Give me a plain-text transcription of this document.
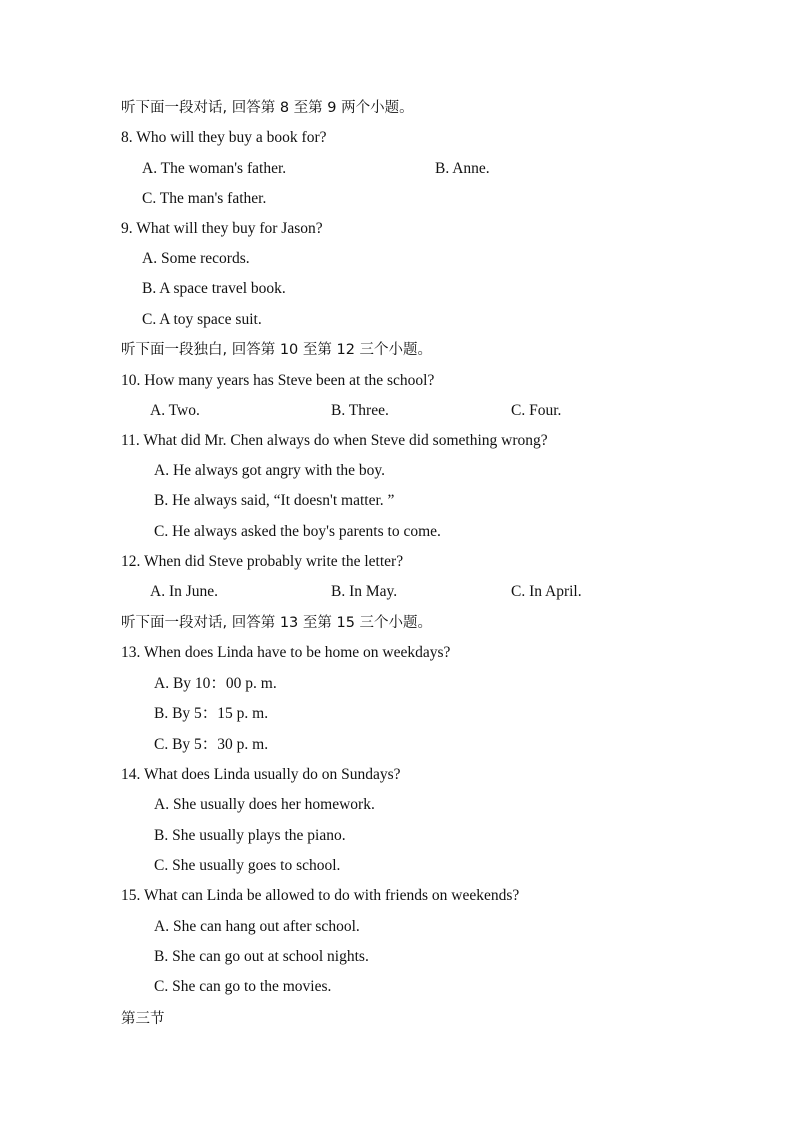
听下面一段对话, 回答第 8 至第 9 两个小题。
8. Who will they buy a book for?
A. The woman's father.	B. Anne.
C. The man's father.
9. What will they buy for Jason?
A. Some records.
B. A space travel book.
C. A toy space suit.
听下面一段独白, 回答第 10 至第 12 三个小题。
10. How many years has Steve been at the school?
A. Two.	B. Three.	C. Four.
11. What did Mr. Chen always do when Steve did something wrong?
A. He always got angry with the boy.
B. He always said, “It doesn't matter. ”
C. He always asked the boy's parents to come.
12. When did Steve probably write the letter?
A. In June.	B. In May.	C. In April.
听下面一段对话, 回答第 13 至第 15 三个小题。
13. When does Linda have to be home on weekdays?
A. By 10：00 p. m.
B. By 5：15 p. m.
C. By 5：30 p. m.
14. What does Linda usually do on Sundays?
A. She usually does her homework.
B. She usually plays the piano.
C. She usually goes to school.
15. What can Linda be allowed to do with friends on weekends?
A. She can hang out after school.
B. She can go out at school nights.
C. She can go to the movies.
第三节
